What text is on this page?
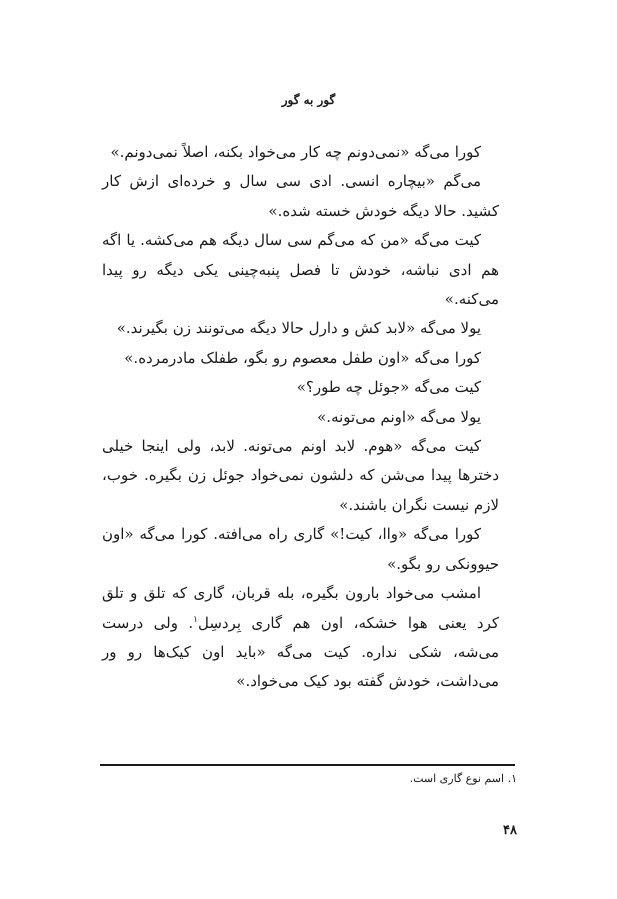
گور به گور

کورا می‌گه «نمی‌دونم چه کار می‌خواد بکنه، اصلاً نمی‌دونم.»

می‌گم «بیچاره انسی. ادی سی سال و خرده‌ای ازش کار کشید. حالا دیگه خودش خسته شده.»

کیت می‌گه «من که می‌گم سی سال دیگه هم می‌کشه. یا اگه هم ادی نباشه، خودش تا فصل پنبه‌چینی یکی دیگه رو پیدا می‌کنه.»

یولا می‌گه «لابد کش و دارل حالا دیگه می‌تونند زن بگیرند.»

کورا می‌گه «اون طفل معصوم رو بگو، طفلک مادرمرده.»

کیت می‌گه «جوئل چه طور؟»

یولا می‌گه «اونم می‌تونه.»

کیت می‌گه «هوم. لابد اونم می‌تونه. لابد، ولی اینجا خیلی دخترها پیدا می‌شن که دلشون نمی‌خواد جوئل زن بگیره. خوب، لازم نیست نگران باشند.»

کورا می‌گه «واا، کیت!» گاری راه می‌افته. کورا می‌گه «اون حیوونکی رو بگو.»

امشب می‌خواد بارون بگیره، بله قربان، گاری که تلق و تلق کرد یعنی هوا خشکه، اون هم گاری بِردسِل$^۱$. ولی درست می‌شه، شکی نداره. کیت می‌گه «باید اون کیک‌ها رو ور می‌داشت، خودش گفته بود کیک می‌خواد.»

۱. اسم نوع گاری است.
۴۸
